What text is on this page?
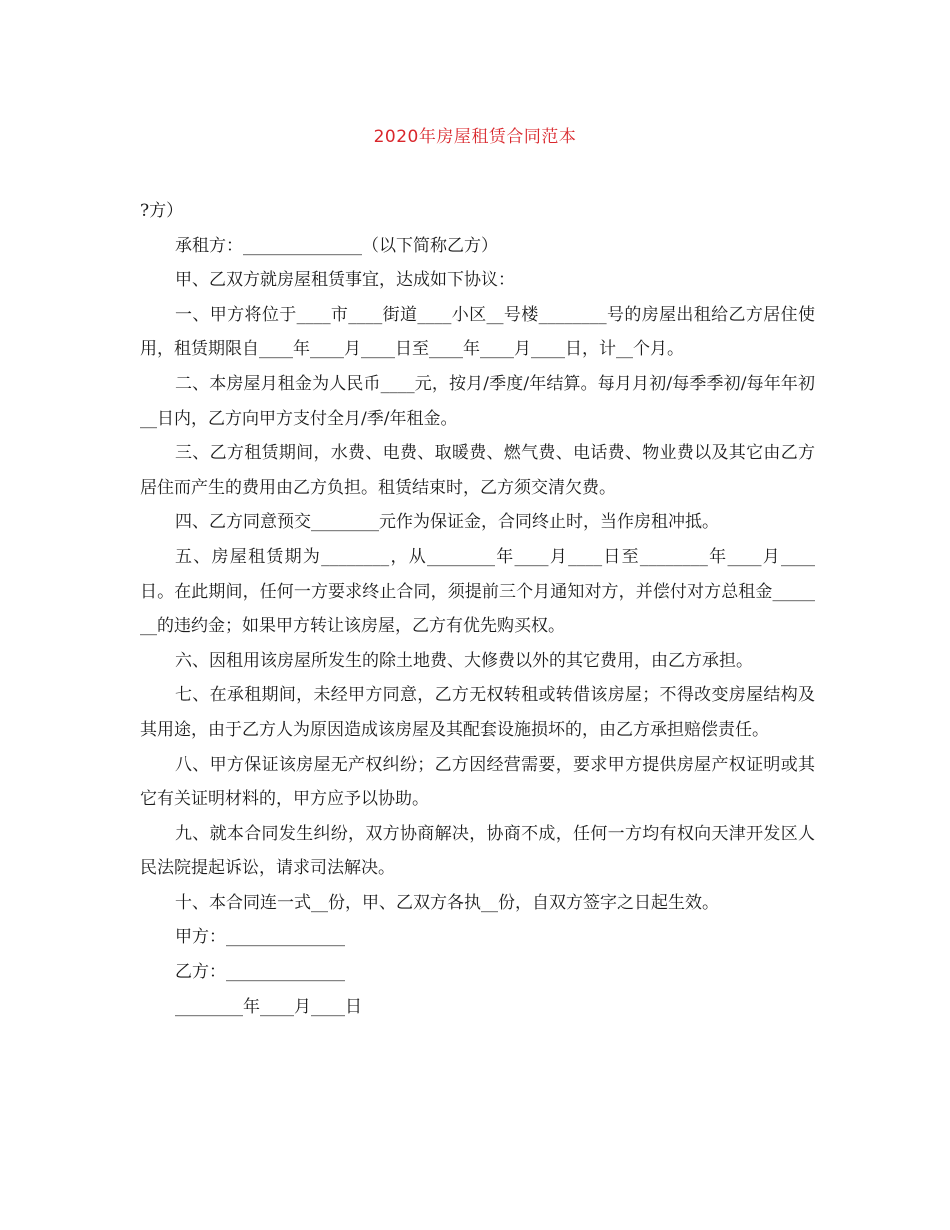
2020年房屋租赁合同范本

?方）

承租方：______________（以下简称乙方）

甲、乙双方就房屋租赁事宜，达成如下协议：

一、甲方将位于____市____街道____小区__号楼________号的房屋出租给乙方居住使用，租赁期限自____年____月____日至____年____月____日，计__个月。

二、本房屋月租金为人民币____元，按月/季度/年结算。每月月初/每季季初/每年年初__日内，乙方向甲方支付全月/季/年租金。

三、乙方租赁期间，水费、电费、取暖费、燃气费、电话费、物业费以及其它由乙方居住而产生的费用由乙方负担。租赁结束时，乙方须交清欠费。

四、乙方同意预交________元作为保证金，合同终止时，当作房租冲抵。

五、房屋租赁期为________，从________年____月____日至________年____月____日。在此期间，任何一方要求终止合同，须提前三个月通知对方，并偿付对方总租金_______的违约金；如果甲方转让该房屋，乙方有优先购买权。

六、因租用该房屋所发生的除土地费、大修费以外的其它费用，由乙方承担。

七、在承租期间，未经甲方同意，乙方无权转租或转借该房屋；不得改变房屋结构及其用途，由于乙方人为原因造成该房屋及其配套设施损坏的，由乙方承担赔偿责任。

八、甲方保证该房屋无产权纠纷；乙方因经营需要，要求甲方提供房屋产权证明或其它有关证明材料的，甲方应予以协助。

九、就本合同发生纠纷，双方协商解决，协商不成，任何一方均有权向天津开发区人民法院提起诉讼，请求司法解决。

十、本合同连一式__份，甲、乙双方各执__份，自双方签字之日起生效。

甲方：______________

乙方：______________

________年____月____日
